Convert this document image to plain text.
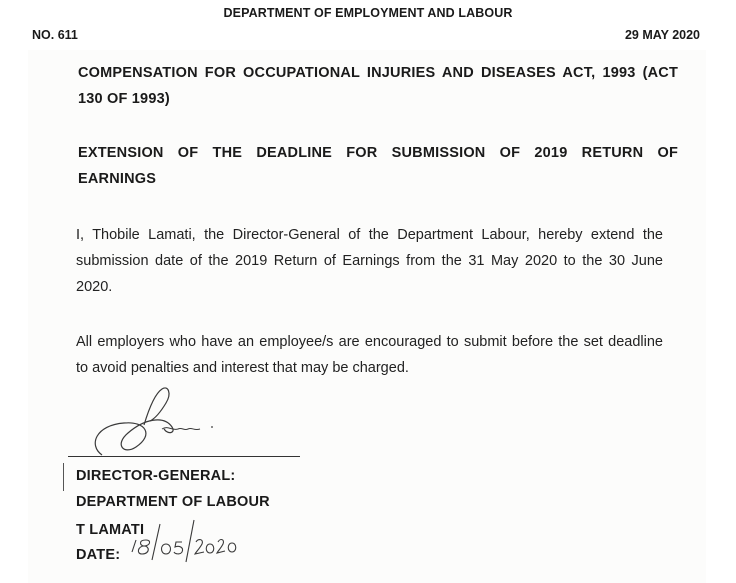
DEPARTMENT OF EMPLOYMENT AND LABOUR
NO. 611	29 MAY 2020
COMPENSATION FOR OCCUPATIONAL INJURIES AND DISEASES ACT, 1993 (ACT 130 OF 1993)
EXTENSION OF THE DEADLINE FOR SUBMISSION OF 2019 RETURN OF EARNINGS
I, Thobile Lamati, the Director-General of the Department Labour, hereby extend the submission date of the 2019 Return of Earnings from the 31 May 2020 to the 30 June 2020.
All employers who have an employee/s are encouraged to submit before the set deadline to avoid penalties and interest that may be charged.
DIRECTOR-GENERAL:
DEPARTMENT OF LABOUR
T LAMATI
DATE:
